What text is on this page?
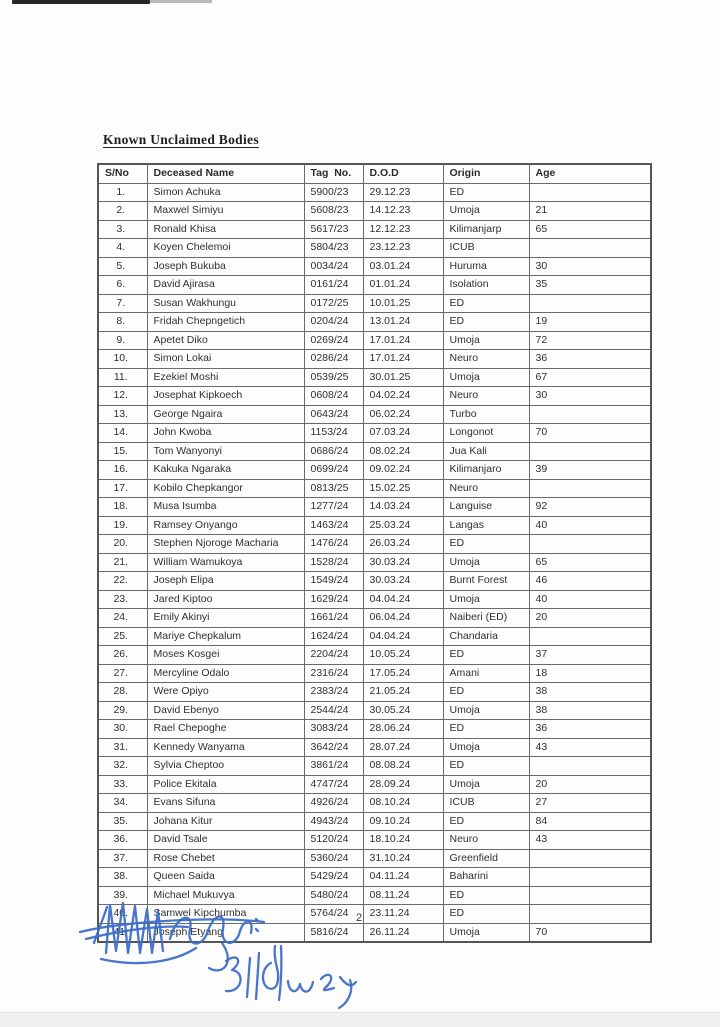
Known Unclaimed Bodies
S/No	Deceased Name	Tag  No.	D.O.D	Origin	Age
1.	Simon Achuka	5900/23	29.12.23	ED	
2.	Maxwel Simiyu	5608/23	14.12.23	Umoja	21
3.	Ronald Khisa	5617/23	12.12.23	Kilimanjarp	65
4.	Koyen Chelemoi	5804/23	23.12.23	ICUB	
5.	Joseph Bukuba	0034/24	03.01.24	Huruma	30
6.	David Ajirasa	0161/24	01.01.24	Isolation	35
7.	Susan Wakhungu	0172/25	10.01.25	ED	
8.	Fridah Chepngetich	0204/24	13.01.24	ED	19
9.	Apetet Diko	0269/24	17.01.24	Umoja	72
10.	Simon Lokai	0286/24	17.01.24	Neuro	36
11.	Ezekiel Moshi	0539/25	30.01.25	Umoja	67
12.	Josephat Kipkoech	0608/24	04.02.24	Neuro	30
13.	George Ngaira	0643/24	06.02.24	Turbo	
14.	John Kwoba	1153/24	07.03.24	Longonot	70
15.	Tom Wanyonyi	0686/24	08.02.24	Jua Kali	
16.	Kakuka Ngaraka	0699/24	09.02.24	Kilimanjaro	39
17.	Kobilo Chepkangor	0813/25	15.02.25	Neuro	
18.	Musa Isumba	1277/24	14.03.24	Languise	92
19.	Ramsey Onyango	1463/24	25.03.24	Langas	40
20.	Stephen Njoroge Macharia	1476/24	26.03.24	ED	
21.	William Wamukoya	1528/24	30.03.24	Umoja	65
22.	Joseph Elipa	1549/24	30.03.24	Burnt Forest	46
23.	Jared Kiptoo	1629/24	04.04.24	Umoja	40
24.	Emily Akinyi	1661/24	06.04.24	Naiberi (ED)	20
25.	Mariye Chepkalum	1624/24	04.04.24	Chandaria	
26.	Moses Kosgei	2204/24	10.05.24	ED	37
27.	Mercyline Odalo	2316/24	17.05.24	Amani	18
28.	Were Opiyo	2383/24	21.05.24	ED	38
29.	David Ebenyo	2544/24	30.05.24	Umoja	38
30.	Rael Chepoghe	3083/24	28.06.24	ED	36
31.	Kennedy Wanyama	3642/24	28.07.24	Umoja	43
32.	Sylvia Cheptoo	3861/24	08.08.24	ED	
33.	Police Ekitala	4747/24	28.09.24	Umoja	20
34.	Evans Sifuna	4926/24	08.10.24	ICUB	27
35.	Johana Kitur	4943/24	09.10.24	ED	84
36.	David Tsale	5120/24	18.10.24	Neuro	43
37.	Rose Chebet	5360/24	31.10.24	Greenfield	
38.	Queen Saida	5429/24	04.11.24	Baharini	
39.	Michael Mukuvya	5480/24	08.11.24	ED	
40.	Samwel Kipchumba	5764/24	23.11.24	ED	
41.	Joseph Etyang	5816/24	26.11.24	Umoja	70
2
